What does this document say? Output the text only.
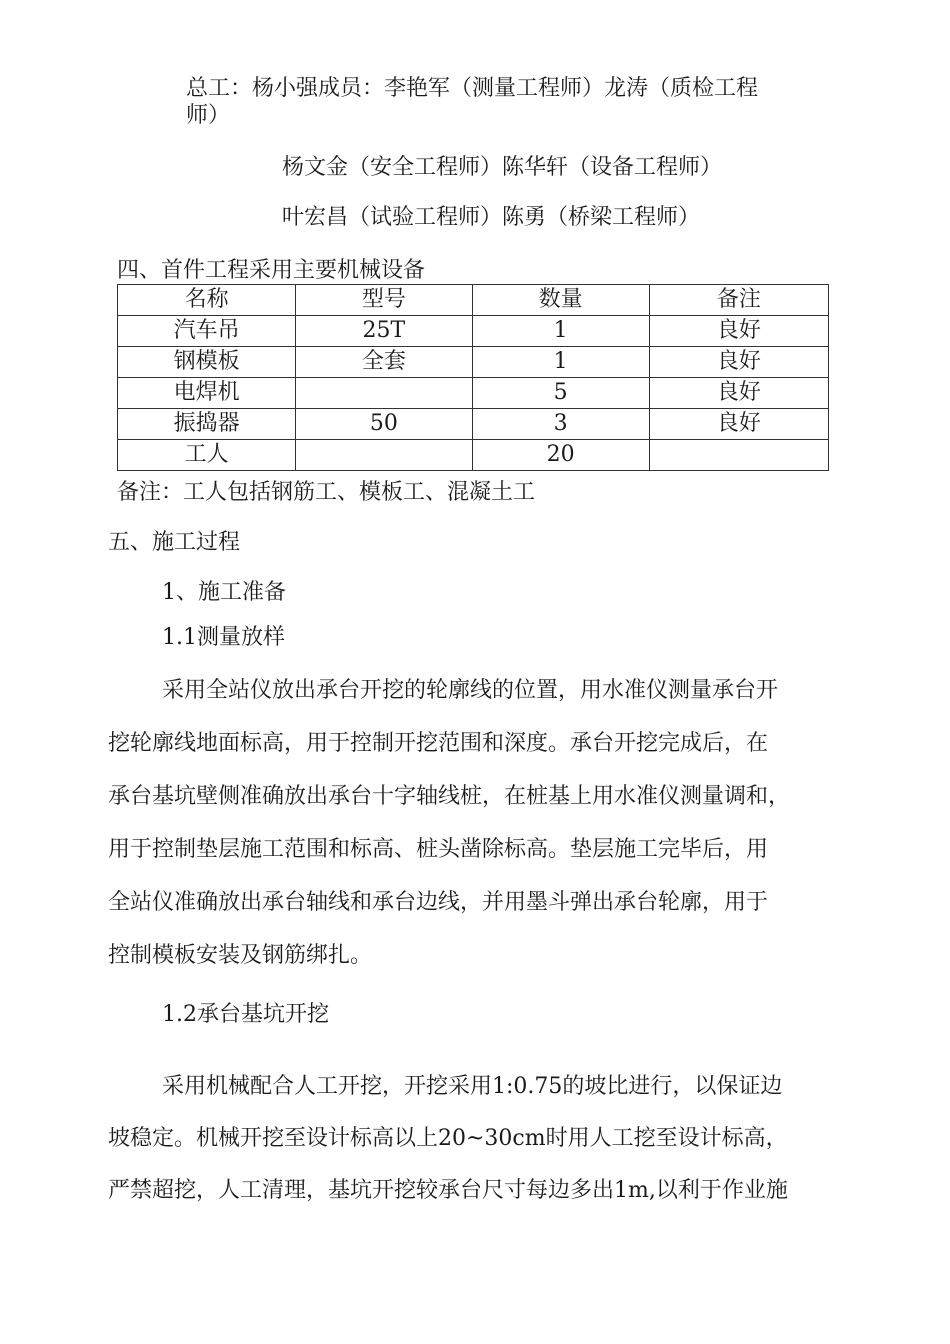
总工：杨小强成员：李艳军（测量工程师）龙涛（质检工程
师）
杨文金（安全工程师）陈华轩（设备工程师）
叶宏昌（试验工程师）陈勇（桥梁工程师）
四、首件工程采用主要机械设备
名称	型号	数量	备注
汽车吊	25T	1	良好
钢模板	全套	1	良好
电焊机		5	良好
振捣器	50	3	良好
工人		20	
备注：工人包括钢筋工、模板工、混凝土工
五、施工过程
1、施工准备
1.1测量放样
采用全站仪放出承台开挖的轮廓线的位置，用水准仪测量承台开
挖轮廓线地面标高，用于控制开挖范围和深度。承台开挖完成后，在
承台基坑壁侧准确放出承台十字轴线桩，在桩基上用水准仪测量调和，
用于控制垫层施工范围和标高、桩头凿除标高。垫层施工完毕后，用
全站仪准确放出承台轴线和承台边线，并用墨斗弹出承台轮廓，用于
控制模板安装及钢筋绑扎。
1.2承台基坑开挖
采用机械配合人工开挖，开挖采用1:0.75的坡比进行，以保证边
坡稳定。机械开挖至设计标高以上20~30cm时用人工挖至设计标高，
严禁超挖，人工清理，基坑开挖较承台尺寸每边多出1m,以利于作业施
